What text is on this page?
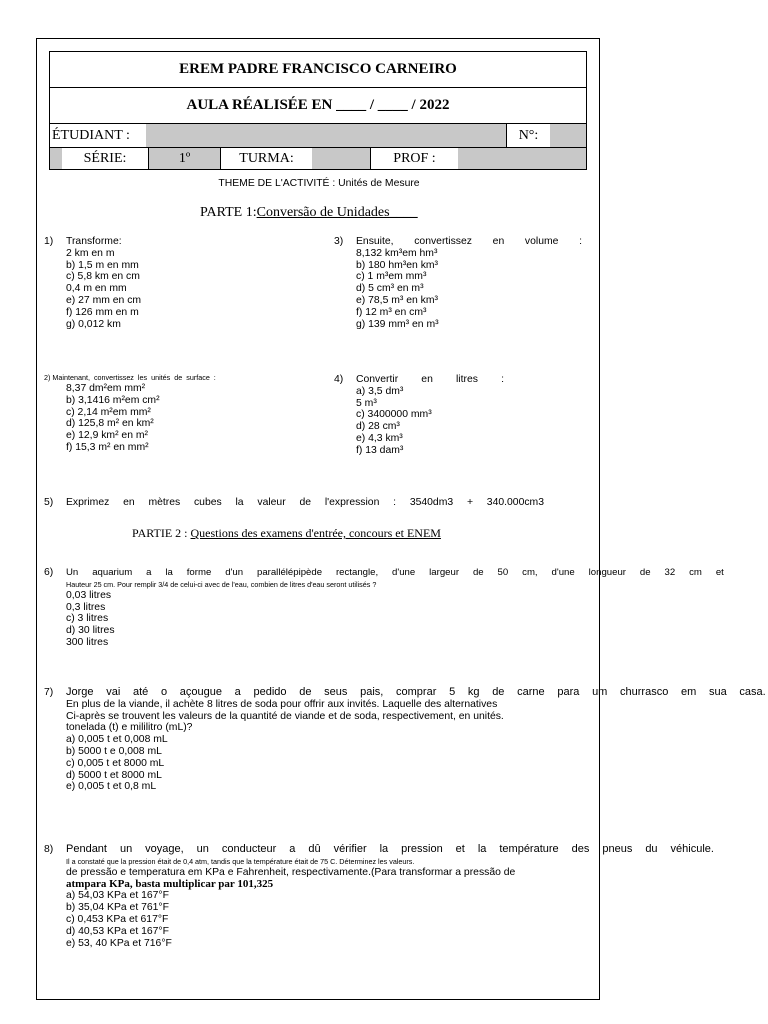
EREM PADRE FRANCISCO CARNEIRO
AULA RÉALISÉE EN ____ / ____ / 2022
ÉTUDIANT :	N°:
SÉRIE:	1º	TURMA:	PROF :
THEME DE L'ACTIVITÉ : Unités de Mesure
PARTE 1:Conversão de Unidades____
1) Transforme:
2 km en m
b) 1,5 m en mm
c) 5,8 km en cm
0,4 m en mm
e) 27 mm en cm
f) 126 mm en m
g) 0,012 km
3) Ensuite, convertissez en volume :
8,132 km³em hm³
b) 180 hm³en km³
c) 1 m³em mm³
d) 5 cm³ en m³
e) 78,5 m³ en km³
f) 12 m³ en cm³
g) 139 mm³ en m³
2) Maintenant,  convertissez  les  unités  de  surface  :
8,37 dm²em mm²
b) 3,1416 m²em cm²
c) 2,14 m²em mm²
d) 125,8 m² en km²
e) 12,9 km² en m²
f) 15,3 m² en mm²
4) Convertir en litres :
a) 3,5 dm³
5 m³
c) 3400000 mm³
d) 28 cm³
e) 4,3 km³
f) 13 dam³
5) Exprimez en mètres cubes la valeur de l'expression : 3540dm3 + 340.000cm3
PARTIE 2 : Questions des examens d'entrée, concours et ENEM
6) Un aquarium a la forme d'un parallélépipède rectangle, d'une largeur de 50 cm, d'une longueur de 32 cm et
Hauteur 25 cm. Pour remplir 3/4 de celui-ci avec de l'eau, combien de litres d'eau seront utilisés ?
0,03 litres
0,3 litres
c) 3 litres
d) 30 litres
300 litres
7) Jorge vai até o açougue a pedido de seus pais, comprar 5 kg de carne para um churrasco em sua casa.
En plus de la viande, il achète 8 litres de soda pour offrir aux invités. Laquelle des alternatives
Ci-après se trouvent les valeurs de la quantité de viande et de soda, respectivement, en unités.
tonelada (t) e mililitro (mL)?
a) 0,005 t et 0,008 mL
b) 5000 t e 0,008 mL
c) 0,005 t et 8000 mL
d) 5000 t et 8000 mL
e) 0,005 t et 0,8 mL
8) Pendant un voyage, un conducteur a dû vérifier la pression et la température des pneus du véhicule.
Il a constaté que la pression était de 0,4 atm, tandis que la température était de 75 C. Déterminez les valeurs.
de pressão e temperatura em KPa e Fahrenheit, respectivamente.(Para transformar a pressão de
atmpara KPa, basta multiplicar par 101,325
a) 54,03 KPa et 167°F
b) 35,04 KPa et 761°F
c) 0,453 KPa et 617°F
d) 40,53 KPa et 167°F
e) 53, 40 KPa et 716°F
